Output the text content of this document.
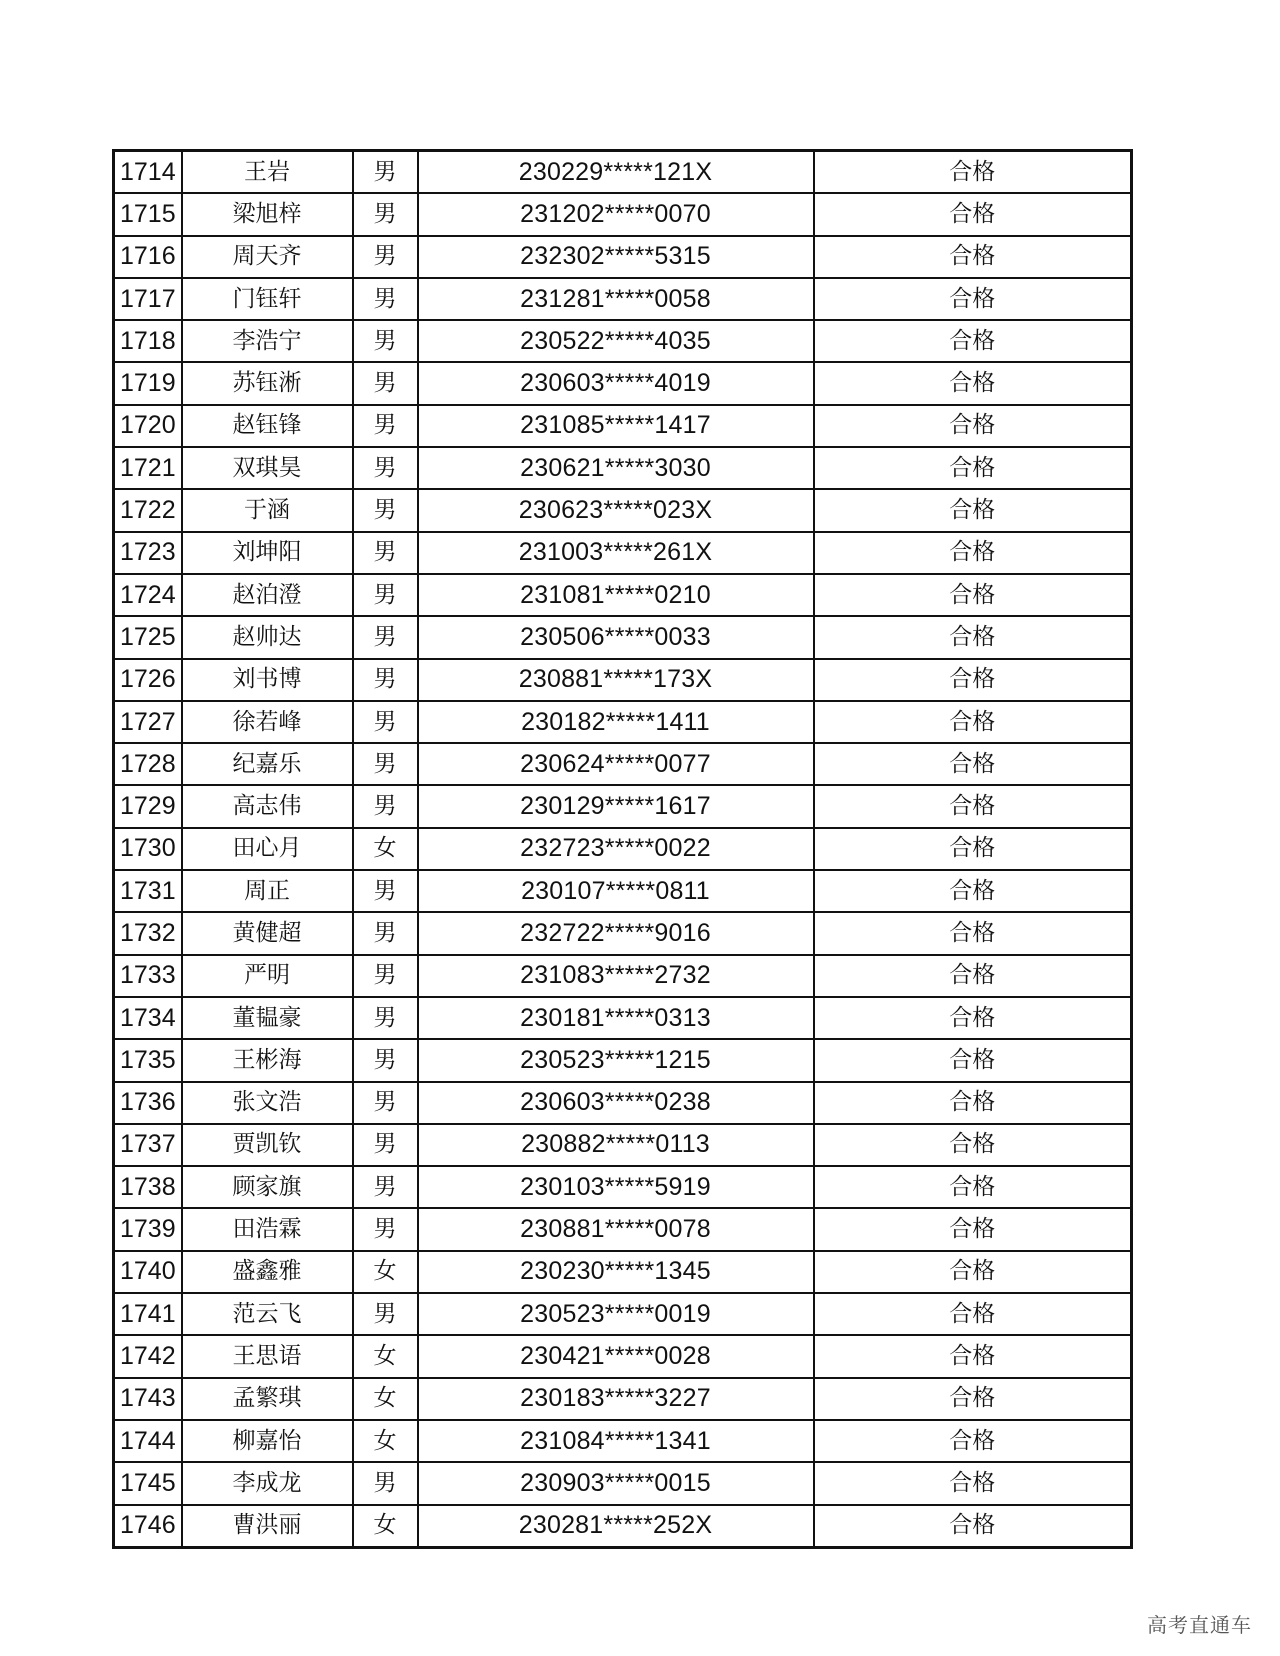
1714	王岩	男	230229*****121X	合格
1715	梁旭梓	男	231202*****0070	合格
1716	周天齐	男	232302*****5315	合格
1717	门钰轩	男	231281*****0058	合格
1718	李浩宁	男	230522*****4035	合格
1719	苏钰淅	男	230603*****4019	合格
1720	赵钰锋	男	231085*****1417	合格
1721	双琪昊	男	230621*****3030	合格
1722	于涵	男	230623*****023X	合格
1723	刘坤阳	男	231003*****261X	合格
1724	赵泊澄	男	231081*****0210	合格
1725	赵帅达	男	230506*****0033	合格
1726	刘书博	男	230881*****173X	合格
1727	徐若峰	男	230182*****1411	合格
1728	纪嘉乐	男	230624*****0077	合格
1729	高志伟	男	230129*****1617	合格
1730	田心月	女	232723*****0022	合格
1731	周正	男	230107*****0811	合格
1732	黄健超	男	232722*****9016	合格
1733	严明	男	231083*****2732	合格
1734	董韫豪	男	230181*****0313	合格
1735	王彬海	男	230523*****1215	合格
1736	张文浩	男	230603*****0238	合格
1737	贾凯钦	男	230882*****0113	合格
1738	顾家旗	男	230103*****5919	合格
1739	田浩霖	男	230881*****0078	合格
1740	盛鑫雅	女	230230*****1345	合格
1741	范云飞	男	230523*****0019	合格
1742	王思语	女	230421*****0028	合格
1743	孟繁琪	女	230183*****3227	合格
1744	柳嘉怡	女	231084*****1341	合格
1745	李成龙	男	230903*****0015	合格
1746	曹洪丽	女	230281*****252X	合格
高考直通车
